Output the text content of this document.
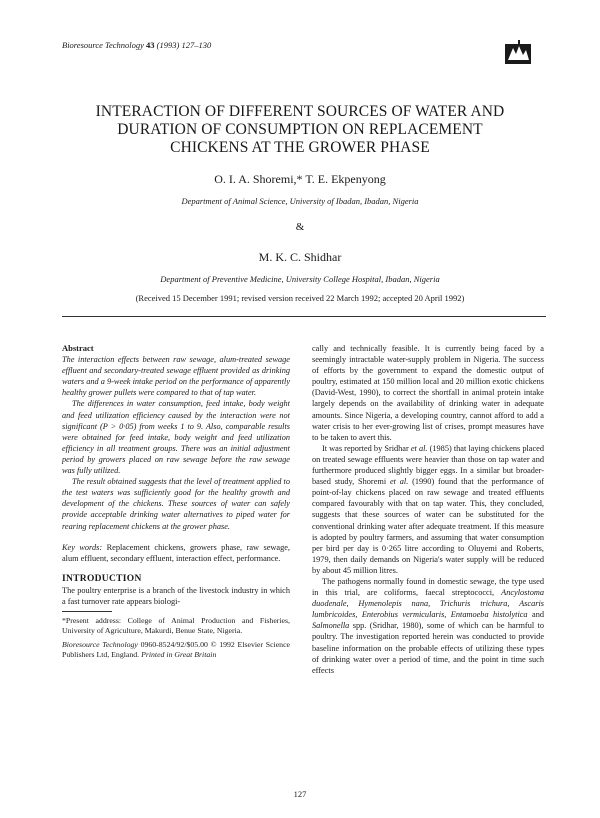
Bioresource Technology 43 (1993) 127–130
INTERACTION OF DIFFERENT SOURCES OF WATER AND
DURATION OF CONSUMPTION ON REPLACEMENT
CHICKENS AT THE GROWER PHASE
O. I. A. Shoremi,* T. E. Ekpenyong
Department of Animal Science, University of Ibadan, Ibadan, Nigeria
&
M. K. C. Shidhar
Department of Preventive Medicine, University College Hospital, Ibadan, Nigeria
(Received 15 December 1991; revised version received 22 March 1992; accepted 20 April 1992)

Abstract

The interaction effects between raw sewage, alum-treated sewage effluent and secondary-treated sewage effluent provided as drinking waters and a 9-week intake period on the performance of apparently healthy grower pullets were compared to that of tap water.

The differences in water consumption, feed intake, body weight and feed utilization efficiency caused by the interaction were not significant (P > 0·05) from weeks 1 to 9. Also, comparable results were obtained for feed intake, body weight and feed utilization efficiency in all treatment groups. There was an initial adjustment period by growers placed on raw sewage before the raw sewage was fully utilized.

The result obtained suggests that the level of treatment applied to the test waters was sufficiently good for the healthy growth and development of the chickens. These sources of water can safely provide acceptable drinking water alternatives to piped water for rearing replacement chickens at the grower phase.

Key words: Replacement chickens, growers phase, raw sewage, alum effluent, secondary effluent, interaction effect, performance.

INTRODUCTION

The poultry enterprise is a branch of the livestock industry in which a fast turnover rate appears biologi-

*Present address: College of Animal Production and Fisheries, University of Agriculture, Makurdi, Benue State, Nigeria.

Bioresource Technology 0960-8524/92/$05.00 © 1992 Elsevier Science Publishers Ltd, England. Printed in Great Britain

cally and technically feasible. It is currently being faced by a seemingly intractable water-supply problem in Nigeria. The success of efforts by the government to expand the domestic output of poultry, estimated at 150 million local and 20 million exotic chickens (David-West, 1990), to correct the shortfall in animal protein intake largely depends on the availability of drinking water in adequate amounts. Since Nigeria, a developing country, cannot afford to add a water crisis to her ever-growing list of crises, prompt measures have to be taken to avert this.

It was reported by Sridhar et al. (1985) that laying chickens placed on treated sewage effluents were heavier than those on tap water and furthermore produced slightly bigger eggs. In a similar but broader-based study, Shoremi et al. (1990) found that the performance of point-of-lay chickens placed on raw sewage and treated effluents compared favourably with that on tap water. This, they concluded, suggests that these sources of water can be substituted for the conventional drinking water after adequate treatment. If this measure is adopted by poultry farmers, and assuming that water consumption per bird per day is 0·265 litre according to Oluyemi and Roberts, 1979, then daily demands on Nigeria's water supply will be reduced by about 45 million litres.

The pathogens normally found in domestic sewage, the type used in this trial, are coliforms, faecal streptococci, Ancylostoma duodenale, Hymenolepis nana, Trichuris trichura, Ascaris lumbricoides, Enterobius vermicularis, Entamoeba histolytica and Salmonella spp. (Sridhar, 1980), some of which can be harmful to poultry. The investigation reported herein was conducted to provide baseline information on the probable effects of utilizing these types of drinking water over a period of time, and the point in time such effects

127
